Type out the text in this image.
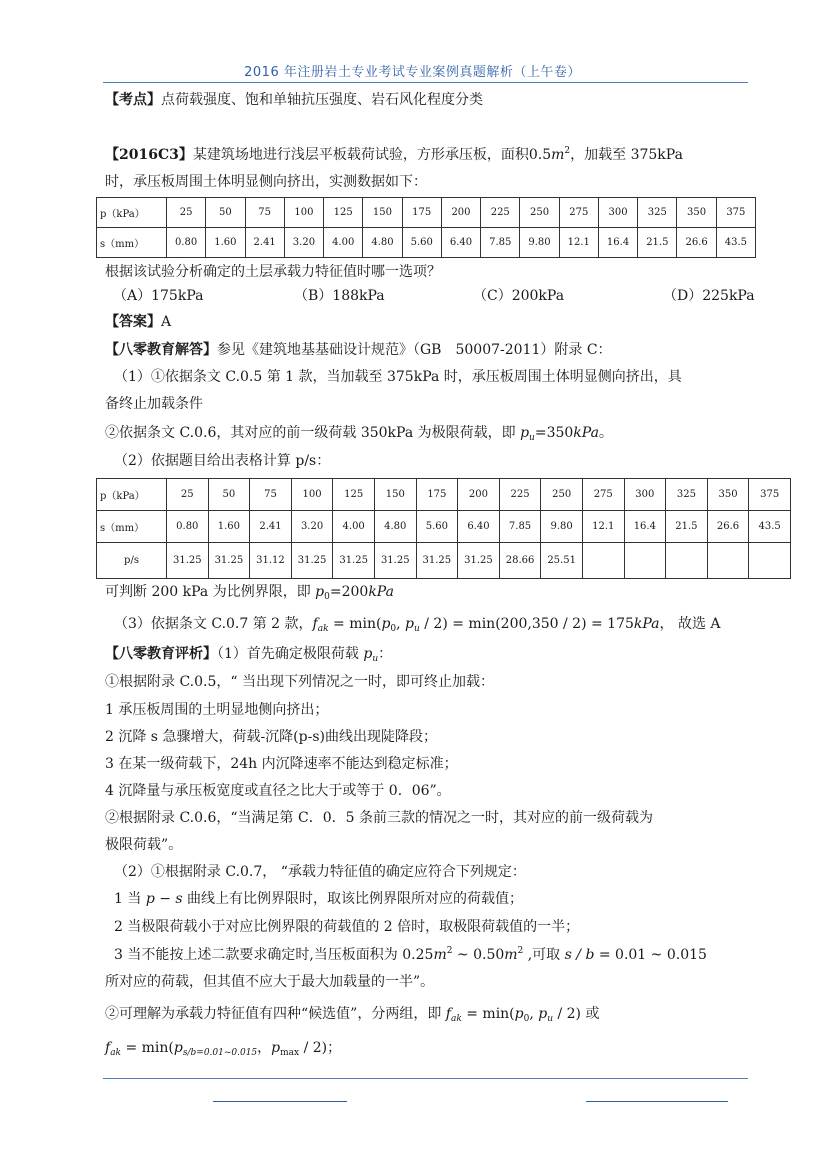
2016 年注册岩土专业考试专业案例真题解析（上午卷）
【考点】点荷载强度、饱和单轴抗压强度、岩石风化程度分类
【2016C3】某建筑场地进行浅层平板载荷试验，方形承压板，面积$0.5m^2$，加载至 375kPa
时，承压板周围土体明显侧向挤出，实测数据如下：
p（kPa）	25	50	75	100	125	150	175	200	225	250	275	300	325	350	375
s（mm）	0.80	1.60	2.41	3.20	4.00	4.80	5.60	6.40	7.85	9.80	12.1	16.4	21.5	26.6	43.5
根据该试验分析确定的土层承载力特征值时哪一选项？
（A）175kPa	（B）188kPa	（C）200kPa	（D）225kPa
【答案】A
【八零教育解答】参见《建筑地基基础设计规范》（GB　50007-2011）附录 C：
（1）①依据条文 C.0.5 第 1 款，当加载至 375kPa 时，承压板周围土体明显侧向挤出，具
备终止加载条件
②依据条文 C.0.6，其对应的前一级荷载 350kPa 为极限荷载，即 $p_u=350kPa$。
（2）依据题目给出表格计算 p/s：
p（kPa）	25	50	75	100	125	150	175	200	225	250	275	300	325	350	375
s（mm）	0.80	1.60	2.41	3.20	4.00	4.80	5.60	6.40	7.85	9.80	12.1	16.4	21.5	26.6	43.5
p/s	31.25	31.25	31.12	31.25	31.25	31.25	31.25	31.25	28.66	25.51					
可判断 200 kPa 为比例界限，即 $p_0=200kPa$
（3）依据条文 C.0.7 第 2 款，$f_{ak} = \min(p_0$, $p_u / 2) = \min(200,350 / 2) = 175kPa$， 故选 A
【八零教育评析】（1）首先确定极限荷载 $p_u$：
①根据附录 C.0.5，“ 当出现下列情况之一时，即可终止加载：
1 承压板周围的土明显地侧向挤出；
2 沉降 s 急骤增大，荷载-沉降(p-s)曲线出现陡降段；
3 在某一级荷载下，24h 内沉降速率不能达到稳定标准；
4 沉降量与承压板宽度或直径之比大于或等于 0．06”。
②根据附录 C.0.6，“当满足第 C．0．5 条前三款的情况之一时，其对应的前一级荷载为
极限荷载”。
（2）①根据附录 C.0.7， “承载力特征值的确定应符合下列规定：
1 当 p − s 曲线上有比例界限时，取该比例界限所对应的荷载值；
2 当极限荷载小于对应比例界限的荷载值的 2 倍时，取极限荷载值的一半；
3 当不能按上述二款要求确定时,当压板面积为 $0.25m^2$ ~ $0.50m^2$ ,可取 s / b = 0.01 ~ 0.015
所对应的荷载，但其值不应大于最大加载量的一半”。
②可理解为承载力特征值有四种“候选值”，分两组，即 $f_{ak} = \min(p_0$, $p_u / 2$) 或
$f_{ak} = \min(p_{s/b=0.01\sim 0.015}$，$p_{max} / 2$)；
